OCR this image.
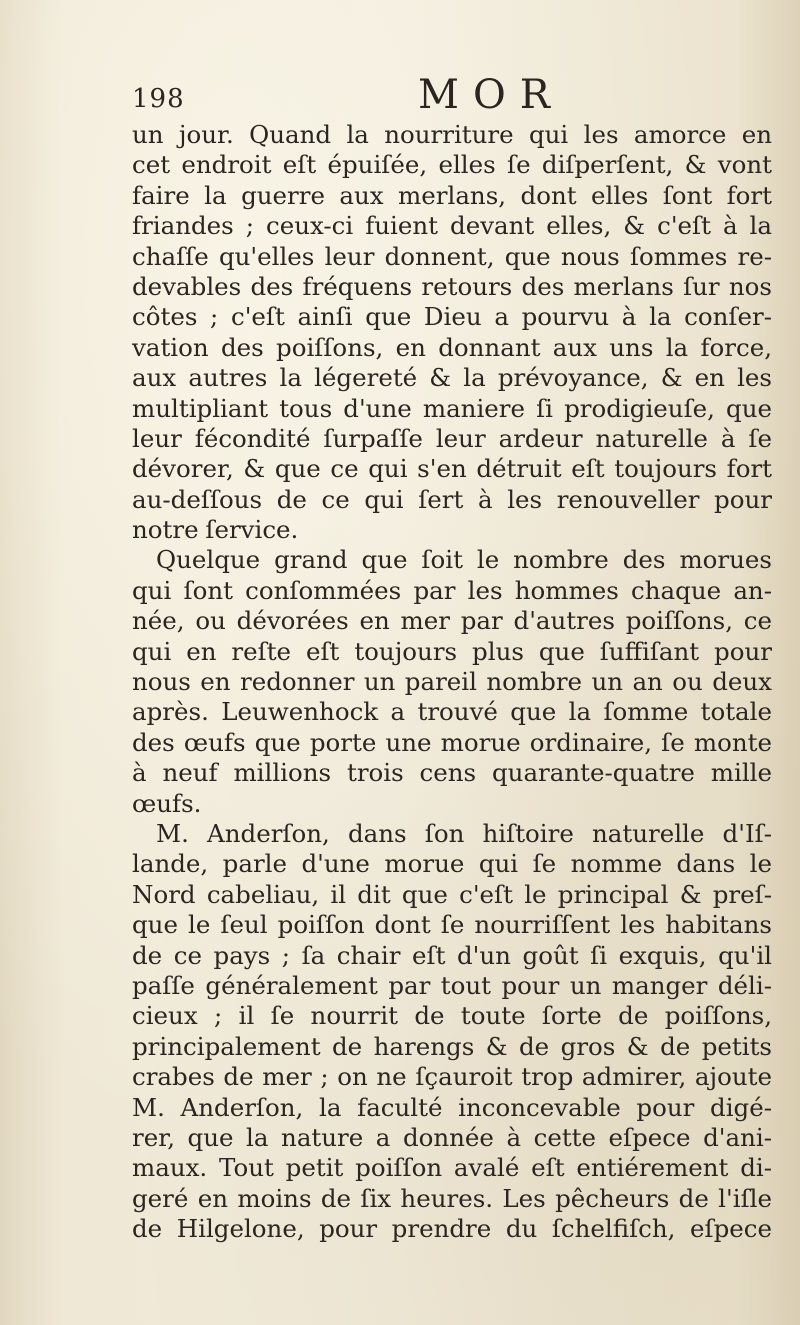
198	MOR
un jour. Quand la nourriture qui les amorce en
cet endroit eſt épuiſée, elles ſe diſperſent, & vont
faire la guerre aux merlans, dont elles ſont fort
friandes ; ceux-ci fuient devant elles, & c'eſt à la
chaſſe qu'elles leur donnent, que nous ſommes re-
devables des fréquens retours des merlans ſur nos
côtes ; c'eſt ainſi que Dieu a pourvu à la conſer-
vation des poiſſons, en donnant aux uns la force,
aux autres la légereté & la prévoyance, & en les
multipliant tous d'une maniere ſi prodigieuſe, que
leur fécondité ſurpaſſe leur ardeur naturelle à ſe
dévorer, & que ce qui s'en détruit eſt toujours fort
au-deſſous de ce qui ſert à les renouveller pour
notre ſervice.
Quelque grand que ſoit le nombre des morues
qui ſont conſommées par les hommes chaque an-
née, ou dévorées en mer par d'autres poiſſons, ce
qui en reſte eſt toujours plus que ſuffiſant pour
nous en redonner un pareil nombre un an ou deux
après. Leuwenhock a trouvé que la ſomme totale
des œufs que porte une morue ordinaire, ſe monte
à neuf millions trois cens quarante-quatre mille
œufs.
M. Anderſon, dans ſon hiſtoire naturelle d'Iſ-
lande, parle d'une morue qui ſe nomme dans le
Nord cabeliau, il dit que c'eſt le principal & preſ-
que le ſeul poiſſon dont ſe nourriſſent les habitans
de ce pays ; ſa chair eſt d'un goût ſi exquis, qu'il
paſſe généralement par tout pour un manger déli-
cieux ; il ſe nourrit de toute ſorte de poiſſons,
principalement de harengs & de gros & de petits
crabes de mer ; on ne ſçauroit trop admirer, ajoute
M. Anderſon, la faculté inconcevable pour digé-
rer, que la nature a donnée à cette eſpece d'ani-
maux. Tout petit poiſſon avalé eſt entiérement di-
geré en moins de ſix heures. Les pêcheurs de l'iſle
de Hilgelone, pour prendre du ſchelfiſch, eſpece
